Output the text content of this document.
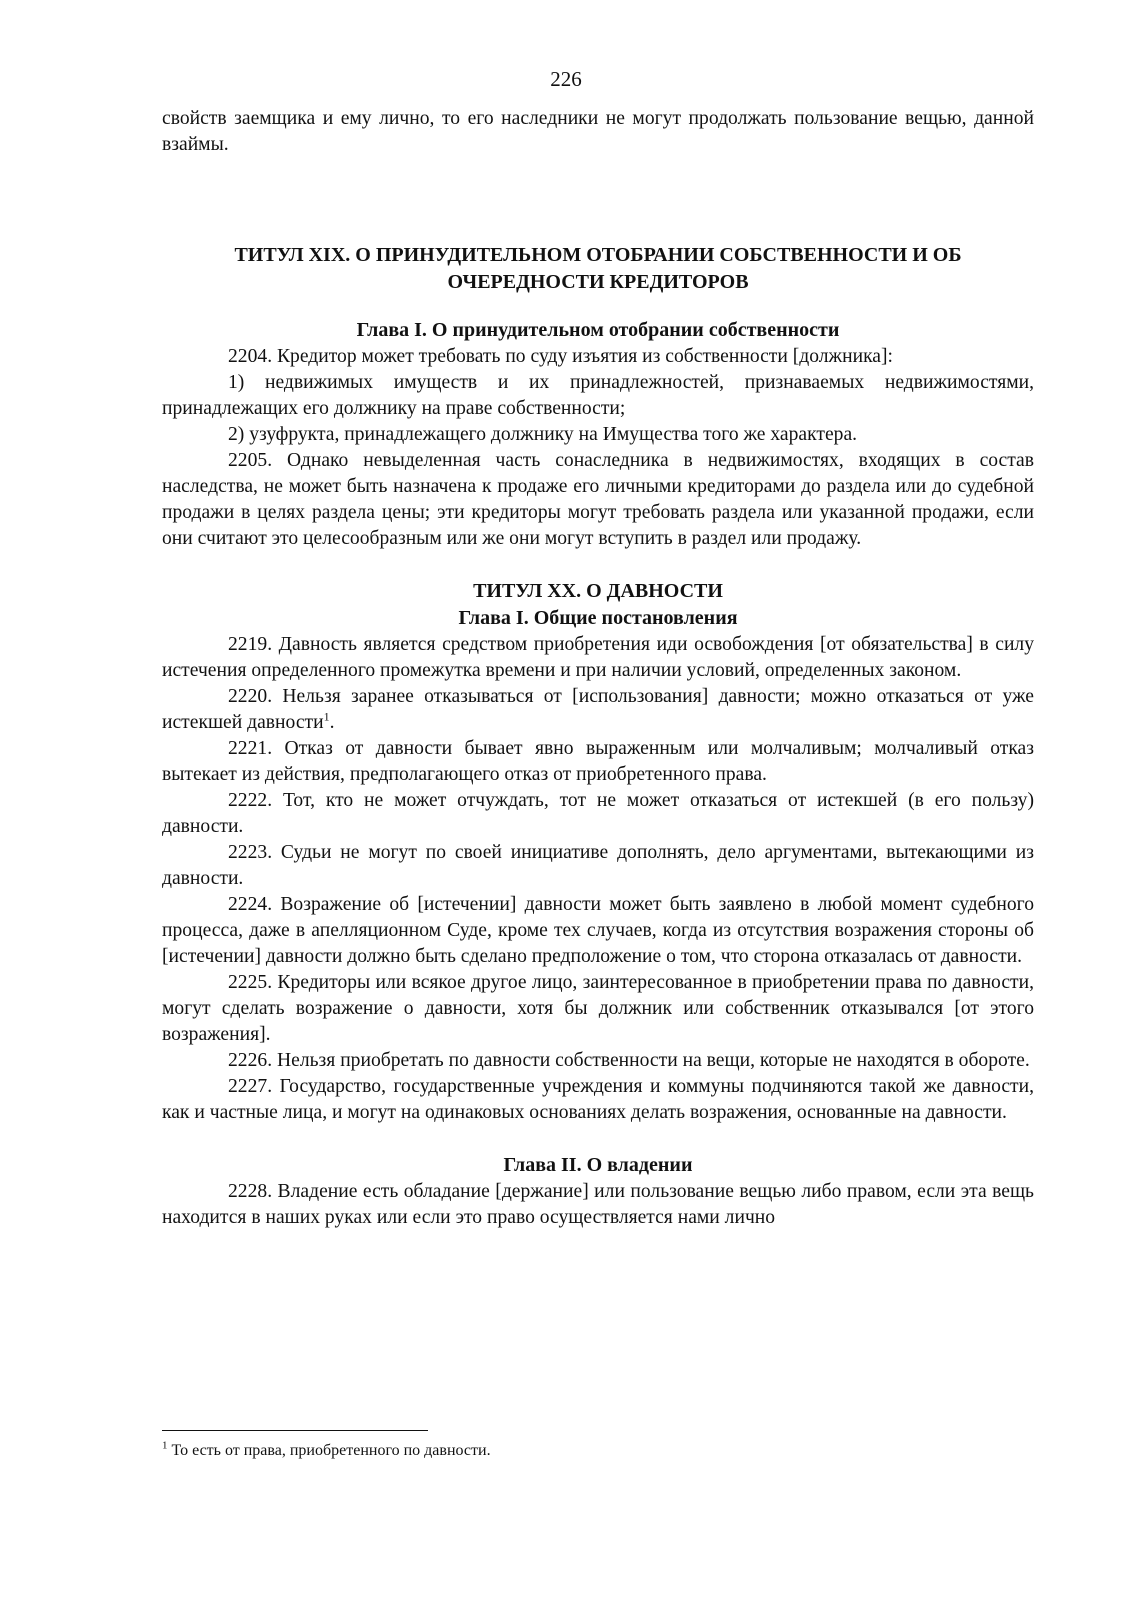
226

свойств заемщика и ему лично, то его наследники не могут продолжать пользование вещью, данной взаймы.

ТИТУЛ XIX. О ПРИНУДИТЕЛЬНОМ ОТОБРАНИИ СОБСТВЕННОСТИ И ОБ
ОЧЕРЕДНОСТИ КРЕДИТОРОВ
Глава I. О принудительном отобрании собственности

2204. Кредитор может требовать по суду изъятия из собственности [должника]:

1) недвижимых имуществ и их принадлежностей, признаваемых недвижимостями, принадлежащих его должнику на праве собственности;

2) узуфрукта, принадлежащего должнику на Имущества того же характера.

2205. Однако невыделенная часть сонаследника в недвижимостях, входящих в состав наследства, не может быть назначена к продаже его личными кредиторами до раздела или до судебной продажи в целях раздела цены; эти кредиторы могут требовать раздела или указанной продажи, если они считают это целесообразным или же они могут вступить в раздел или продажу.

ТИТУЛ XX. О ДАВНОСТИ
Глава I. Общие постановления

2219. Давность является средством приобретения иди освобождения [от обязательства] в силу истечения определенного промежутка времени и при наличии условий, определенных законом.

2220. Нельзя заранее отказываться от [использования] давности; можно отказаться от уже истекшей давности$^1$.

2221. Отказ от давности бывает явно выраженным или молчаливым; молчаливый отказ вытекает из действия, предполагающего отказ от приобретенного права.

2222. Тот, кто не может отчуждать, тот не может отказаться от истекшей (в его пользу) давности.

2223. Судьи не могут по своей инициативе дополнять, дело аргументами, вытекающими из давности.

2224. Возражение об [истечении] давности может быть заявлено в любой момент судебного процесса, даже в апелляционном Суде, кроме тех случаев, когда из отсутствия возражения стороны об [истечении] давности должно быть сделано предположение о том, что сторона отказалась от давности.

2225. Кредиторы или всякое другое лицо, заинтересованное в приобретении права по давности, могут сделать возражение о давности, хотя бы должник или собственник отказывался [от этого возражения].

2226. Нельзя приобретать по давности собственности на вещи, которые не находятся в обороте.

2227. Государство, государственные учреждения и коммуны подчиняются такой же давности, как и частные лица, и могут на одинаковых основаниях делать возражения, основанные на давности.

Глава II. О владении

2228. Владение есть обладание [держание] или пользование вещью либо правом, если эта вещь находится в наших руках или если это право осуществляется нами лично

$^1$ То есть от права, приобретенного по давности.
